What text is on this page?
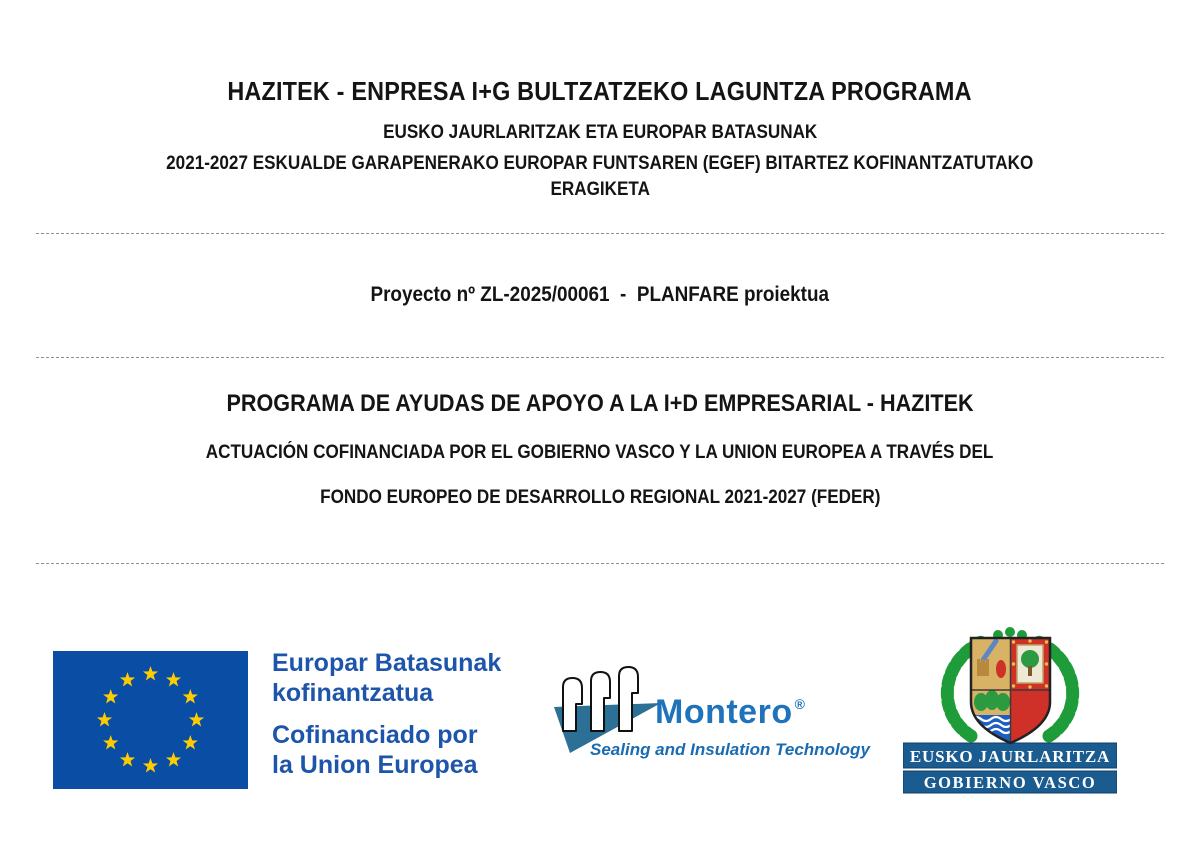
HAZITEK - ENPRESA I+G BULTZATZEKO LAGUNTZA PROGRAMA
EUSKO JAURLARITZAK ETA EUROPAR BATASUNAK
2021-2027 ESKUALDE GARAPENERAKO EUROPAR FUNTSAREN (EGEF) BITARTEZ KOFINANTZATUTAKO
ERAGIKETA
Proyecto nº ZL-2025/00061  -  PLANFARE proiektua
PROGRAMA DE AYUDAS DE APOYO A LA I+D EMPRESARIAL - HAZITEK
ACTUACIÓN COFINANCIADA POR EL GOBIERNO VASCO Y LA UNION EUROPEA A TRAVÉS DEL
FONDO EUROPEO DE DESARROLLO REGIONAL 2021-2027 (FEDER)
Europar Batasunak
kofinantzatua
Cofinanciado por
la Union Europea
Montero ®
Sealing and Insulation Technology EUSKO JAURLARITZA
GOBIERNO VASCO
